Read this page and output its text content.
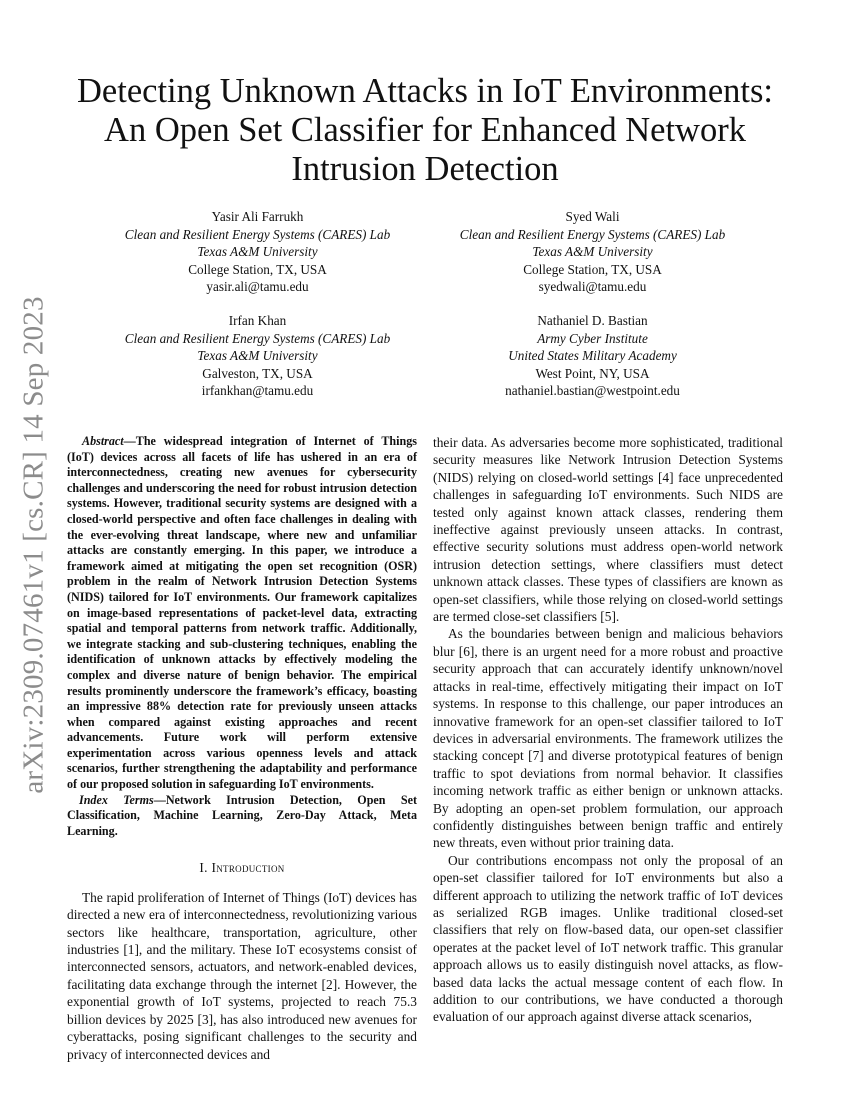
arXiv:2309.07461v1 [cs.CR] 14 Sep 2023
Detecting Unknown Attacks in IoT Environments:
An Open Set Classifier for Enhanced Network
Intrusion Detection
Yasir Ali Farrukh
Clean and Resilient Energy Systems (CARES) Lab
Texas A&M University
College Station, TX, USA
yasir.ali@tamu.edu
Syed Wali
Clean and Resilient Energy Systems (CARES) Lab
Texas A&M University
College Station, TX, USA
syedwali@tamu.edu
Irfan Khan
Clean and Resilient Energy Systems (CARES) Lab
Texas A&M University
Galveston, TX, USA
irfankhan@tamu.edu
Nathaniel D. Bastian
Army Cyber Institute
United States Military Academy
West Point, NY, USA
nathaniel.bastian@westpoint.edu

Abstract—The widespread integration of Internet of Things (IoT) devices across all facets of life has ushered in an era of interconnectedness, creating new avenues for cybersecurity challenges and underscoring the need for robust intrusion detection systems. However, traditional security systems are designed with a closed-world perspective and often face challenges in dealing with the ever-evolving threat landscape, where new and unfamiliar attacks are constantly emerging. In this paper, we introduce a framework aimed at mitigating the open set recognition (OSR) problem in the realm of Network Intrusion Detection Systems (NIDS) tailored for IoT environments. Our framework capitalizes on image-based representations of packet-level data, extracting spatial and temporal patterns from network traffic. Additionally, we integrate stacking and sub-clustering techniques, enabling the identification of unknown attacks by effectively modeling the complex and diverse nature of benign behavior. The empirical results prominently underscore the framework’s efficacy, boasting an impressive 88% detection rate for previously unseen attacks when compared against existing approaches and recent advancements. Future work will perform extensive experimentation across various openness levels and attack scenarios, further strengthening the adaptability and performance of our proposed solution in safeguarding IoT environments.

Index Terms—Network Intrusion Detection, Open Set Classification, Machine Learning, Zero-Day Attack, Meta Learning.

I. Introduction

The rapid proliferation of Internet of Things (IoT) devices has directed a new era of interconnectedness, revolutionizing various sectors like healthcare, transportation, agriculture, other industries [1], and the military. These IoT ecosystems consist of interconnected sensors, actuators, and network-enabled devices, facilitating data exchange through the internet [2]. However, the exponential growth of IoT systems, projected to reach 75.3 billion devices by 2025 [3], has also introduced new avenues for cyberattacks, posing significant challenges to the security and privacy of interconnected devices and

their data. As adversaries become more sophisticated, traditional security measures like Network Intrusion Detection Systems (NIDS) relying on closed-world settings [4] face unprecedented challenges in safeguarding IoT environments. Such NIDS are tested only against known attack classes, rendering them ineffective against previously unseen attacks. In contrast, effective security solutions must address open-world network intrusion detection settings, where classifiers must detect unknown attack classes. These types of classifiers are known as open-set classifiers, while those relying on closed-world settings are termed close-set classifiers [5].

As the boundaries between benign and malicious behaviors blur [6], there is an urgent need for a more robust and proactive security approach that can accurately identify unknown/novel attacks in real-time, effectively mitigating their impact on IoT systems. In response to this challenge, our paper introduces an innovative framework for an open-set classifier tailored to IoT devices in adversarial environments. The framework utilizes the stacking concept [7] and diverse prototypical features of benign traffic to spot deviations from normal behavior. It classifies incoming network traffic as either benign or unknown attacks. By adopting an open-set problem formulation, our approach confidently distinguishes between benign traffic and entirely new threats, even without prior training data.

Our contributions encompass not only the proposal of an open-set classifier tailored for IoT environments but also a different approach to utilizing the network traffic of IoT devices as serialized RGB images. Unlike traditional closed-set classifiers that rely on flow-based data, our open-set classifier operates at the packet level of IoT network traffic. This granular approach allows us to easily distinguish novel attacks, as flow-based data lacks the actual message content of each flow. In addition to our contributions, we have conducted a thorough evaluation of our approach against diverse attack scenarios,
